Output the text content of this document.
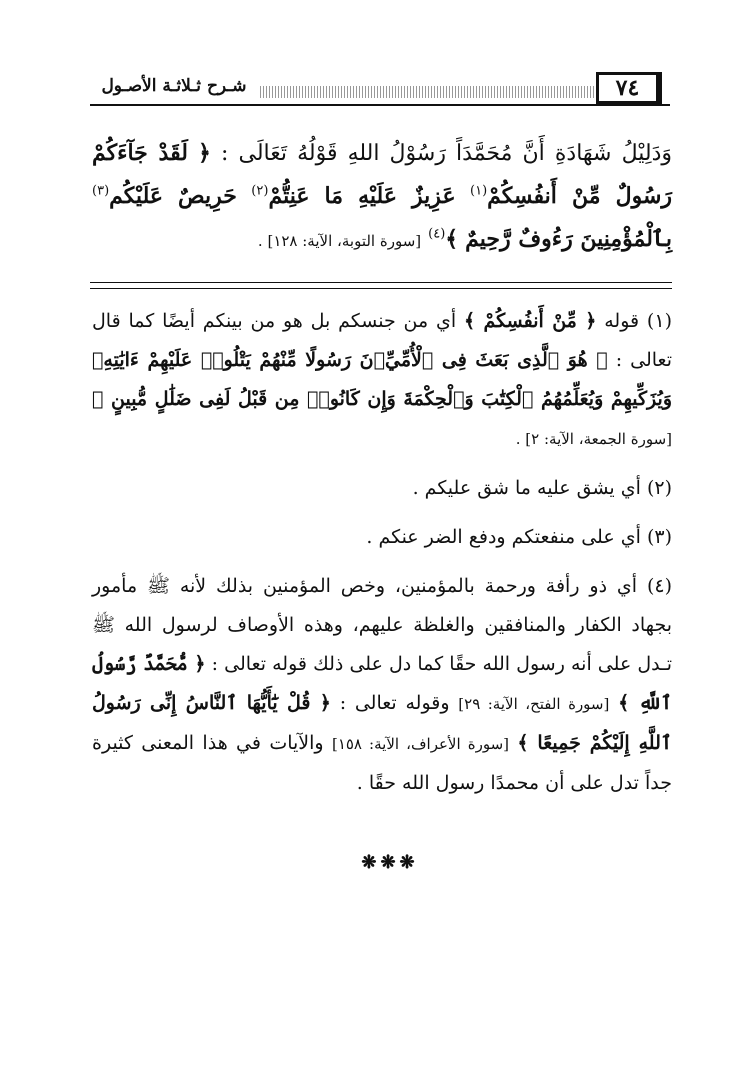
شـرح ثـلاثـة الأصـول	٧٤
وَدَلِيْلُ شَهَادَةِ أَنَّ مُحَمَّدَاً رَسُوْلُ اللهِ قَوْلُهُ تَعَالَى : ﴿ لَقَدْ جَآءَكُمْ رَسُولٌ مِّنْ أَنفُسِكُمْ$^{(١)}$ عَزِيزٌ عَلَيْهِ مَا عَنِتُّمْ$^{(٢)}$ حَرِيصٌ عَلَيْكُم$^{(٣)}$ بِٱلْمُؤْمِنِينَ رَءُوفٌ رَّحِيمٌ ﴾$^{(٤)}$ [سورة التوبة، الآية: ١٢٨] .

(١) قوله ﴿ مِّنْ أَنفُسِكُمْ ﴾ أي من جنسكم بل هو من بينكم أيضًا كما قال تعالى : ﴿ هُوَ ٱلَّذِى بَعَثَ فِى ٱلْأُمِّيِّۦنَ رَسُولًا مِّنْهُمْ يَتْلُوا۟ عَلَيْهِمْ ءَايَٰتِهِۦ وَيُزَكِّيهِمْ وَيُعَلِّمُهُمُ ٱلْكِتَٰبَ وَٱلْحِكْمَةَ وَإِن كَانُوا۟ مِن قَبْلُ لَفِى ضَلَٰلٍ مُّبِينٍ ﴾ [سورة الجمعة، الآية: ٢] .

(٢) أي يشق عليه ما شق عليكم .

(٣) أي على منفعتكم ودفع الضر عنكم .

(٤) أي ذو رأفة ورحمة بالمؤمنين، وخص المؤمنين بذلك لأنه ﷺ مأمور بجهاد الكفار والمنافقين والغلظة عليهم، وهذه الأوصاف لرسول الله ﷺ تـدل على أنه رسول الله حقًا كما دل على ذلك قوله تعالى : ﴿ مُّحَمَّدٌ رَّسُولُ ٱللَّهِ ﴾ [سورة الفتح، الآية: ٢٩] وقوله تعالى : ﴿ قُلْ يَٰٓأَيُّهَا ٱلنَّاسُ إِنِّى رَسُولُ ٱللَّهِ إِلَيْكُمْ جَمِيعًا ﴾ [سورة الأعراف، الآية: ١٥٨] والآيات في هذا المعنى كثيرة جداً تدل على أن محمدًا رسول الله حقًا .

❋❋❋
